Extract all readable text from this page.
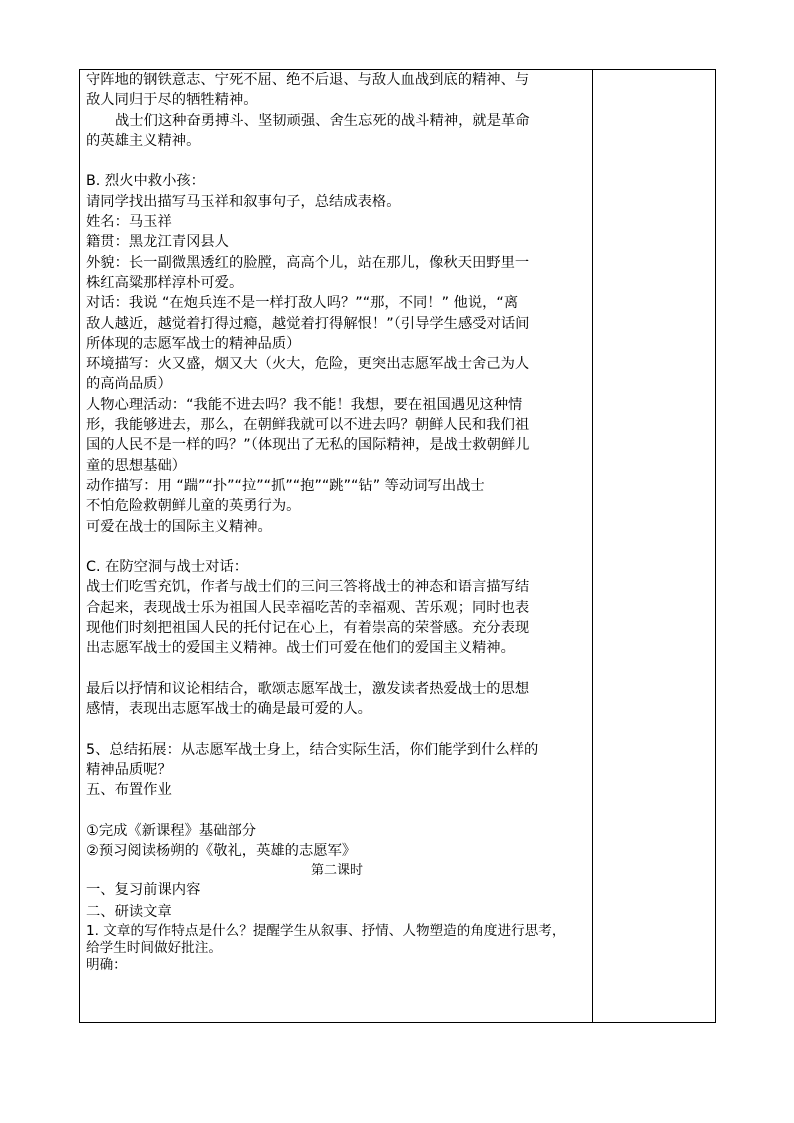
守阵地的钢铁意志、宁死不屈、绝不后退、与敌人血战到底的精神、与
敌人同归于尽的牺牲精神。
战士们这种奋勇搏斗、坚韧顽强、舍生忘死的战斗精神，就是革命
的英雄主义精神。
B. 烈火中救小孩：
请同学找出描写马玉祥和叙事句子，总结成表格。
姓名：马玉祥
籍贯：黑龙江青冈县人
外貌：长一副微黑透红的脸膛，高高个儿，站在那儿，像秋天田野里一
株红高粱那样淳朴可爱。
对话：我说 “在炮兵连不是一样打敌人吗？”“那，不同！” 他说，“离
敌人越近，越觉着打得过瘾，越觉着打得解恨！”（引导学生感受对话间
所体现的志愿军战士的精神品质）
环境描写：火又盛，烟又大（火大，危险，更突出志愿军战士舍己为人
的高尚品质）
人物心理活动：“我能不进去吗？我不能！我想，要在祖国遇见这种情
形，我能够进去，那么，在朝鲜我就可以不进去吗？朝鲜人民和我们祖
国的人民不是一样的吗？”（体现出了无私的国际精神，是战士救朝鲜儿
童的思想基础）
动作描写：用 “踹”“扑”“拉”“抓”“抱”“跳”“钻” 等动词写出战士
不怕危险救朝鲜儿童的英勇行为。
可爱在战士的国际主义精神。
C. 在防空洞与战士对话：
战士们吃雪充饥，作者与战士们的三问三答将战士的神态和语言描写结
合起来，表现战士乐为祖国人民幸福吃苦的幸福观、苦乐观；同时也表
现他们时刻把祖国人民的托付记在心上，有着崇高的荣誉感。充分表现
出志愿军战士的爱国主义精神。战士们可爱在他们的爱国主义精神。
最后以抒情和议论相结合，歌颂志愿军战士，激发读者热爱战士的思想
感情，表现出志愿军战士的确是最可爱的人。
5、总结拓展：从志愿军战士身上，结合实际生活，你们能学到什么样的
精神品质呢？
五、布置作业
①完成《新课程》基础部分
②预习阅读杨朔的《敬礼，英雄的志愿军》
第二课时
一、复习前课内容
二、研读文章
1. 文章的写作特点是什么？提醒学生从叙事、抒情、人物塑造的角度进行思考，
给学生时间做好批注。
明确：
